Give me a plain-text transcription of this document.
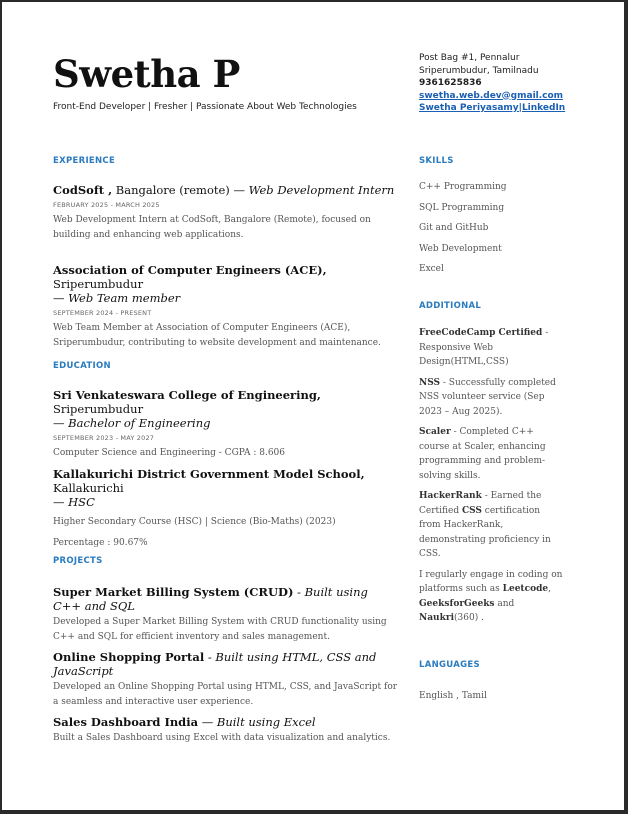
Swetha P
Front-End Developer | Fresher | Passionate About Web Technologies
Post Bag #1, Pennalur
Sriperumbudur, Tamilnadu
9361625836
swetha.web.dev@gmail.com
Swetha Periyasamy|LinkedIn
EXPERIENCE
CodSoft , Bangalore (remote) — Web Development Intern
FEBRUARY 2025 - MARCH 2025
Web Development Intern at CodSoft, Bangalore (Remote), focused on building and enhancing web applications.
Association of Computer Engineers (ACE), Sriperumbudur
— Web Team member
SEPTEMBER 2024 - PRESENT
Web Team Member at Association of Computer Engineers (ACE), Sriperumbudur, contributing to website development and maintenance.
EDUCATION
Sri Venkateswara College of Engineering, Sriperumbudur
— Bachelor of Engineering
SEPTEMBER 2023 - MAY 2027
Computer Science and Engineering - CGPA : 8.606
Kallakurichi District Government Model School, Kallakurichi
— HSC
Higher Secondary Course (HSC) | Science (Bio-Maths) (2023)
Percentage : 90.67%
PROJECTS
Super Market Billing System (CRUD) - Built using C++ and SQL
Developed a Super Market Billing System with CRUD functionality using C++ and SQL for efficient inventory and sales management.
Online Shopping Portal - Built using HTML, CSS and JavaScript
Developed an Online Shopping Portal using HTML, CSS, and JavaScript for a seamless and interactive user experience.
Sales Dashboard India — Built using Excel
Built a Sales Dashboard using Excel with data visualization and analytics.
SKILLS
C++ Programming
SQL Programming
Git and GitHub
Web Development
Excel
ADDITIONAL
FreeCodeCamp Certified - Responsive Web Design(HTML,CSS)
NSS - Successfully completed NSS volunteer service (Sep 2023 – Aug 2025).
Scaler - Completed C++ course at Scaler, enhancing programming and problem-solving skills.
HackerRank - Earned the Certified CSS certification from HackerRank, demonstrating proficiency in CSS.
I regularly engage in coding on platforms such as Leetcode, GeeksforGeeks and Naukri(360) .
LANGUAGES
English , Tamil
